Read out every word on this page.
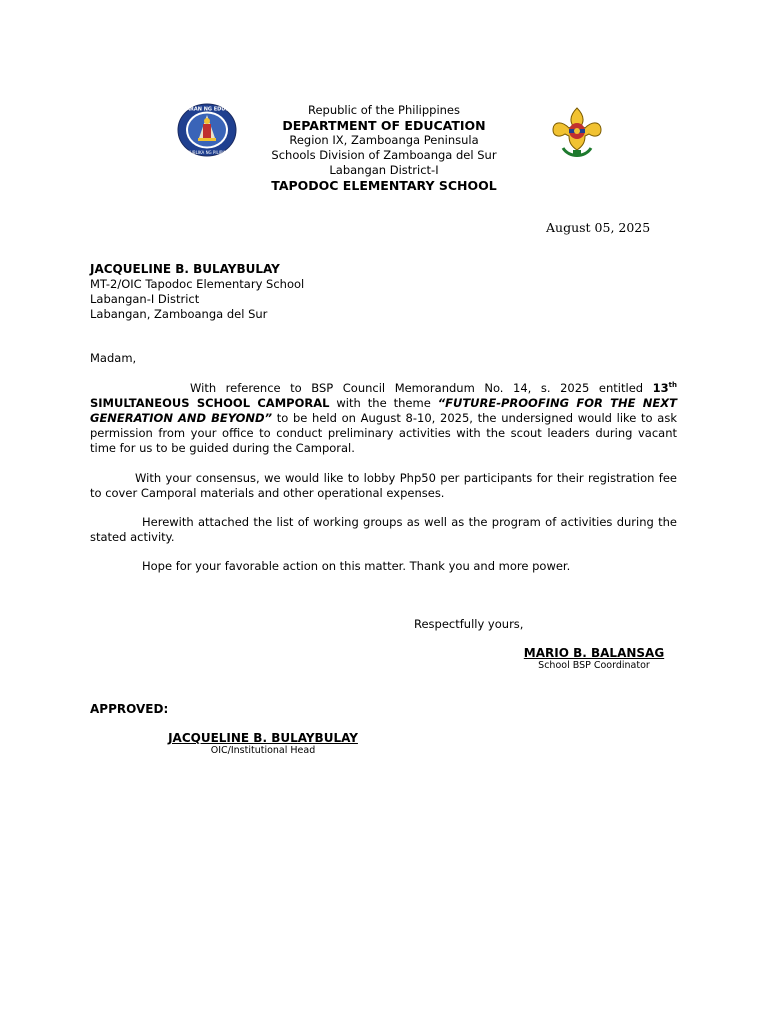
KAGAWARAN NG EDUKASYON
REPUBLIKA NG PILIPINAS
Republic of the Philippines
DEPARTMENT OF EDUCATION
Region IX, Zamboanga Peninsula
Schools Division of Zamboanga del Sur
Labangan District-I
TAPODOC ELEMENTARY SCHOOL
August 05, 2025
JACQUELINE B. BULAYBULAY
MT-2/OIC Tapodoc Elementary School
Labangan-I District
Labangan, Zamboanga del Sur
Madam,
With reference to BSP Council Memorandum No. 14, s. 2025 entitled 13th SIMULTANEOUS SCHOOL CAMPORAL with the theme “FUTURE-PROOFING FOR THE NEXT GENERATION AND BEYOND” to be held on August 8-10, 2025, the undersigned would like to ask permission from your office to conduct preliminary activities with the scout leaders during vacant time for us to be guided during the Camporal.
With your consensus, we would like to lobby Php50 per participants for their registration fee to cover Camporal materials and other operational expenses.
Herewith attached the list of working groups as well as the program of activities during the stated activity.
Hope for your favorable action on this matter. Thank you and more power.
Respectfully yours,
MARIO B. BALANSAG
School BSP Coordinator
APPROVED:
JACQUELINE B. BULAYBULAY
OIC/Institutional Head
